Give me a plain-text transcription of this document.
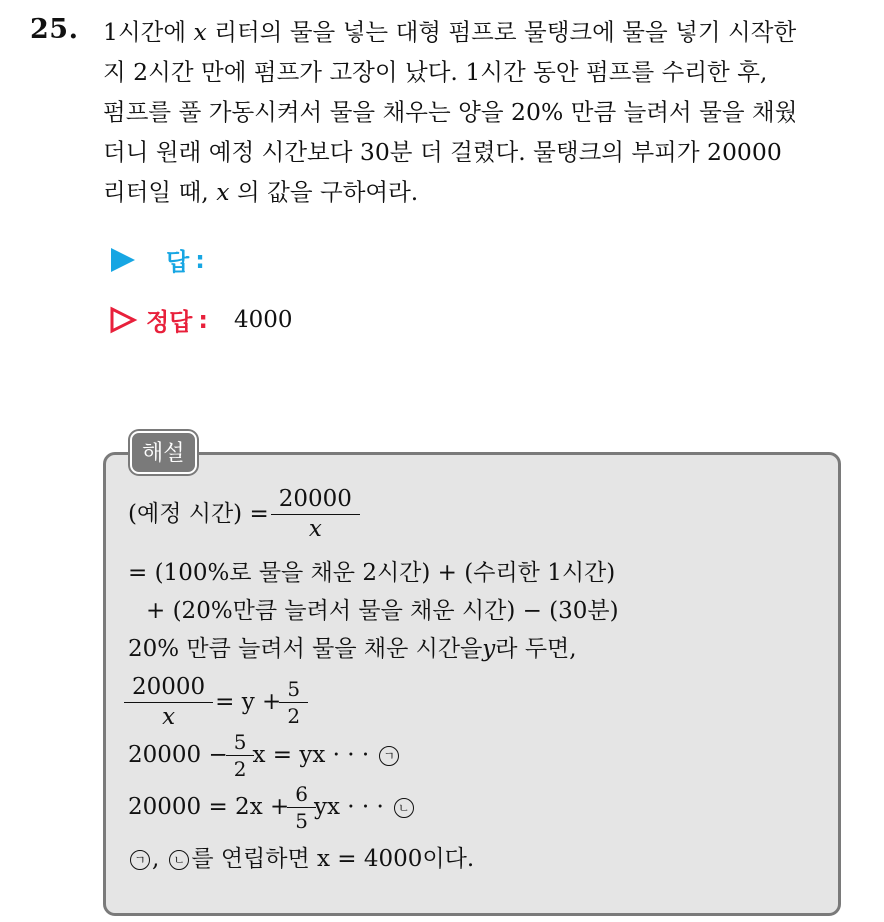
25. 1시간에 x 리터의 물을 넣는 대형 펌프로 물탱크에 물을 넣기 시작한
지 2시간 만에 펌프가 고장이 났다. 1시간 동안 펌프를 수리한 후,
펌프를 풀 가동시켜서 물을 채우는 양을 20% 만큼 늘려서 물을 채웠
더니 원래 예정 시간보다 30분 더 걸렸다. 물탱크의 부피가 20000
리터일 때, x 의 값을 구하여라.
답 :
정답 : 4000
해설
(예정 시간) = $\frac{20000}{x}$
= (100%로 물을 채운 2시간) + (수리한 1시간)
+ (20%만큼 늘려서 물을 채운 시간) − (30분)
20% 만큼 늘려서 물을 채운 시간을 y 라 두면,
$\frac{20000}{x} = y + \frac{5}{2}$
$20000 - \frac{5}{2}$ x = yx · · ·	ㄱ
$20000 = 2x + \frac{6}{5}$ yx · · ·	ㄴ
ㄱ ,	ㄴ 를 연립하면 x = 4000이다.
